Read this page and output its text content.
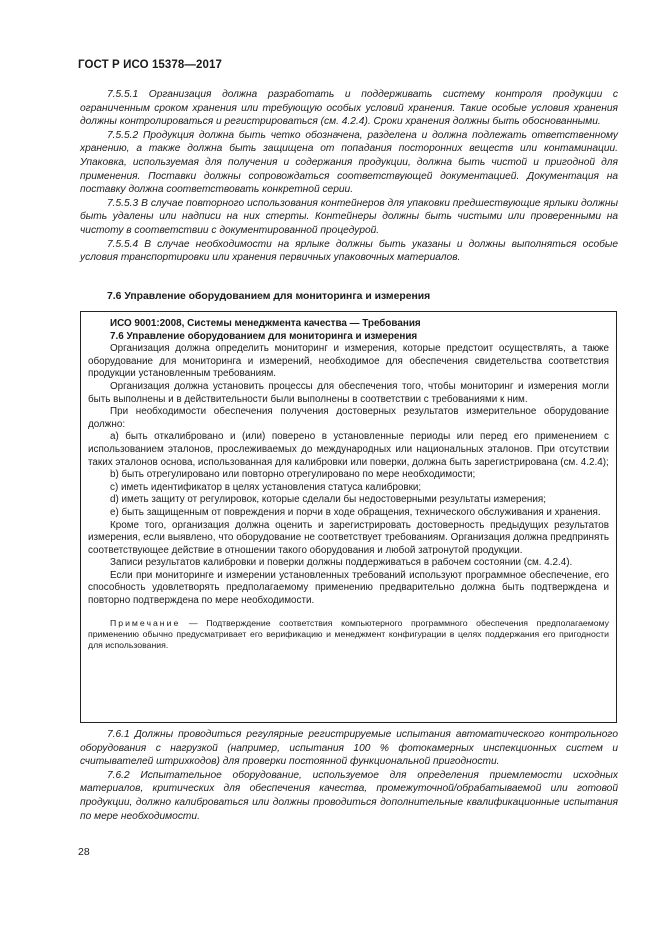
ГОСТ Р ИСО 15378—2017

7.5.5.1 Организация должна разработать и поддерживать систему контроля продукции с ограниченным сроком хранения или требующую особых условий хранения. Такие особые условия хранения должны контролироваться и регистрироваться (см. 4.2.4). Сроки хранения должны быть обоснованными.

7.5.5.2 Продукция должна быть четко обозначена, разделена и должна подлежать ответственному хранению, а также должна быть защищена от попадания посторонних веществ или контаминации. Упаковка, используемая для получения и содержания продукции, должна быть чистой и пригодной для применения. Поставки должны сопровождаться соответствующей документацией. Документация на поставку должна соответствовать конкретной серии.

7.5.5.3 В случае повторного использования контейнеров для упаковки предшествующие ярлыки должны быть удалены или надписи на них стерты. Контейнеры должны быть чистыми или проверенными на чистоту в соответствии с документированной процедурой.

7.5.5.4 В случае необходимости на ярлыке должны быть указаны и должны выполняться особые условия транспортировки или хранения первичных упаковочных материалов.

7.6 Управление оборудованием для мониторинга и измерения

ИСО 9001:2008, Системы менеджмента качества — Требования

7.6 Управление оборудованием для мониторинга и измерения

Организация должна определить мониторинг и измерения, которые предстоит осуществлять, а также оборудование для мониторинга и измерений, необходимое для обеспечения свидетельства соответствия продукции установленным требованиям.

Организация должна установить процессы для обеспечения того, чтобы мониторинг и измерения могли быть выполнены и в действительности были выполнены в соответствии с требованиями к ним.

При необходимости обеспечения получения достоверных результатов измерительное оборудование должно:

a) быть откалибровано и (или) поверено в установленные периоды или перед его применением с использованием эталонов, прослеживаемых до международных или национальных эталонов. При отсутствии таких эталонов основа, использованная для калибровки или поверки, должна быть зарегистрирована (см. 4.2.4);

b) быть отрегулировано или повторно отрегулировано по мере необходимости;

c) иметь идентификатор в целях установления статуса калибровки;

d) иметь защиту от регулировок, которые сделали бы недостоверными результаты измерения;

e) быть защищенным от повреждения и порчи в ходе обращения, технического обслуживания и хранения.

Кроме того, организация должна оценить и зарегистрировать достоверность предыдущих результатов измерения, если выявлено, что оборудование не соответствует требованиям. Организация должна предпринять соответствующее действие в отношении такого оборудования и любой затронутой продукции.

Записи результатов калибровки и поверки должны поддерживаться в рабочем состоянии (см. 4.2.4).

Если при мониторинге и измерении установленных требований используют программное обеспечение, его способность удовлетворять предполагаемому применению предварительно должна быть подтверждена и повторно подтверждена по мере необходимости.

Примечание — Подтверждение соответствия компьютерного программного обеспечения предполагаемому применению обычно предусматривает его верификацию и менеджмент конфигурации в целях поддержания его пригодности для использования.

7.6.1 Должны проводиться регулярные регистрируемые испытания автоматического контрольного оборудования с нагрузкой (например, испытания 100 % фотокамерных инспекционных систем и считывателей штрихкодов) для проверки постоянной функциональной пригодности.

7.6.2 Испытательное оборудование, используемое для определения приемлемости исходных материалов, критических для обеспечения качества, промежуточной/обрабатываемой или готовой продукции, должно калиброваться или должны проводиться дополнительные квалификационные испытания по мере необходимости.

28
